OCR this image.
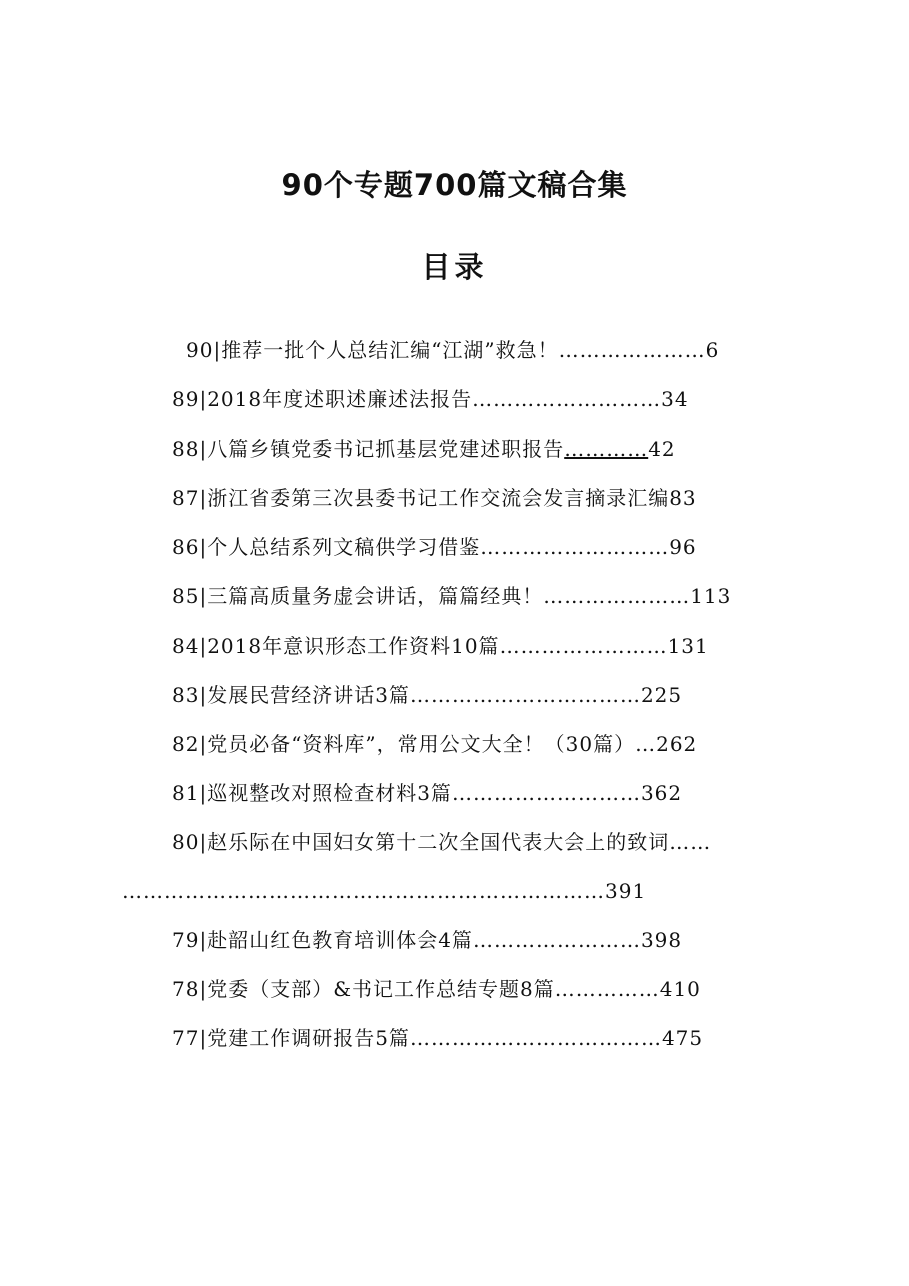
90个专题700篇文稿合集
目录
90|推荐一批个人总结汇编“江湖”救急！…………………6
89|2018年度述职述廉述法报告………………………34
88|八篇乡镇党委书记抓基层党建述职报告…………42
87|浙江省委第三次县委书记工作交流会发言摘录汇编83
86|个人总结系列文稿供学习借鉴………………………96
85|三篇高质量务虚会讲话，篇篇经典！…………………113
84|2018年意识形态工作资料10篇……………………131
83|发展民营经济讲话3篇……………………………225
82|党员必备“资料库”，常用公文大全！（30篇）…262
81|巡视整改对照检查材料3篇………………………362
80|赵乐际在中国妇女第十二次全国代表大会上的致词……
……………………………………………………………391
79|赴韶山红色教育培训体会4篇……………………398
78|党委（支部）&书记工作总结专题8篇……………410
77|党建工作调研报告5篇………………………………475
